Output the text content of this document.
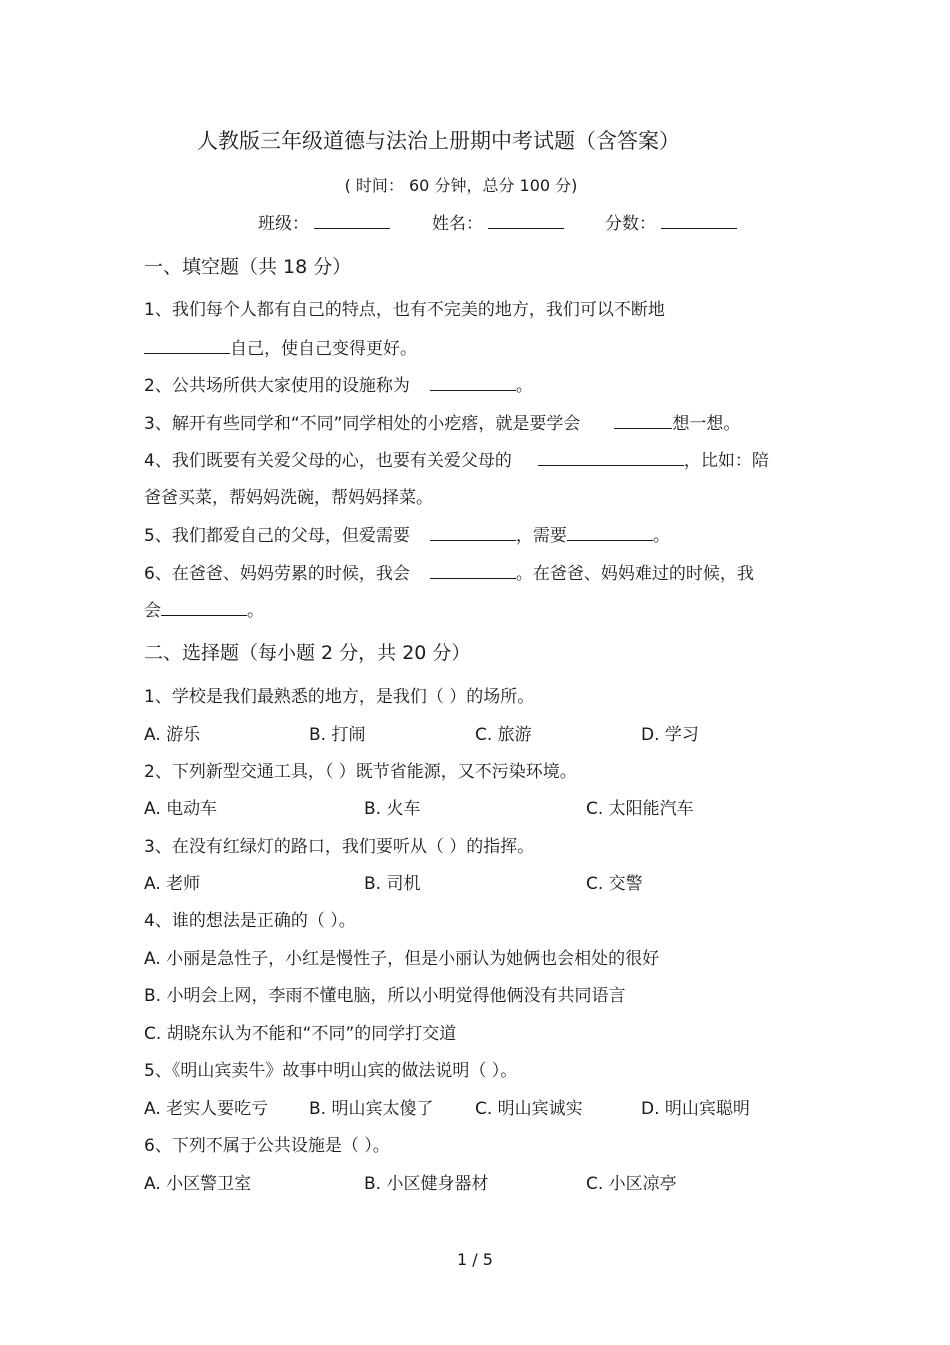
人教版三年级道德与法治上册期中考试题（含答案）
( 时间： 60 分钟，总分 100 分)
班级：	姓名：	分数：
一、填空题（共 18 分）
1、我们每个人都有自己的特点，也有不完美的地方，我们可以不断地
自己，使自己变得更好。
2、公共场所供大家使用的设施称为	。
3、解开有些同学和“不同”同学相处的小疙瘩，就是要学会	想一想。
4、我们既要有关爱父母的心，也要有关爱父母的	，比如：陪
爸爸买菜，帮妈妈洗碗，帮妈妈择菜。
5、我们都爱自己的父母，但爱需要	，需要	。
6、在爸爸、妈妈劳累的时候，我会	。在爸爸、妈妈难过的时候，我
会	。
二、选择题（每小题 2 分，共 20 分）
1、学校是我们最熟悉的地方，是我们（ ）的场所。
A. 游乐	B. 打闹	C. 旅游	D. 学习
2、下列新型交通工具，（ ）既节省能源，又不污染环境。
A. 电动车	B. 火车	C. 太阳能汽车
3、在没有红绿灯的路口，我们要听从（ ）的指挥。
A. 老师	B. 司机	C. 交警
4、谁的想法是正确的（ ）。
A. 小丽是急性子，小红是慢性子，但是小丽认为她俩也会相处的很好
B. 小明会上网，李雨不懂电脑，所以小明觉得他俩没有共同语言
C. 胡晓东认为不能和“不同”的同学打交道
5、《明山宾卖牛》故事中明山宾的做法说明（ ）。
A. 老实人要吃亏 B. 明山宾太傻了 C. 明山宾诚实	D. 明山宾聪明
6、下列不属于公共设施是（ ）。
A. 小区警卫室	B. 小区健身器材	C. 小区凉亭
1 / 5
